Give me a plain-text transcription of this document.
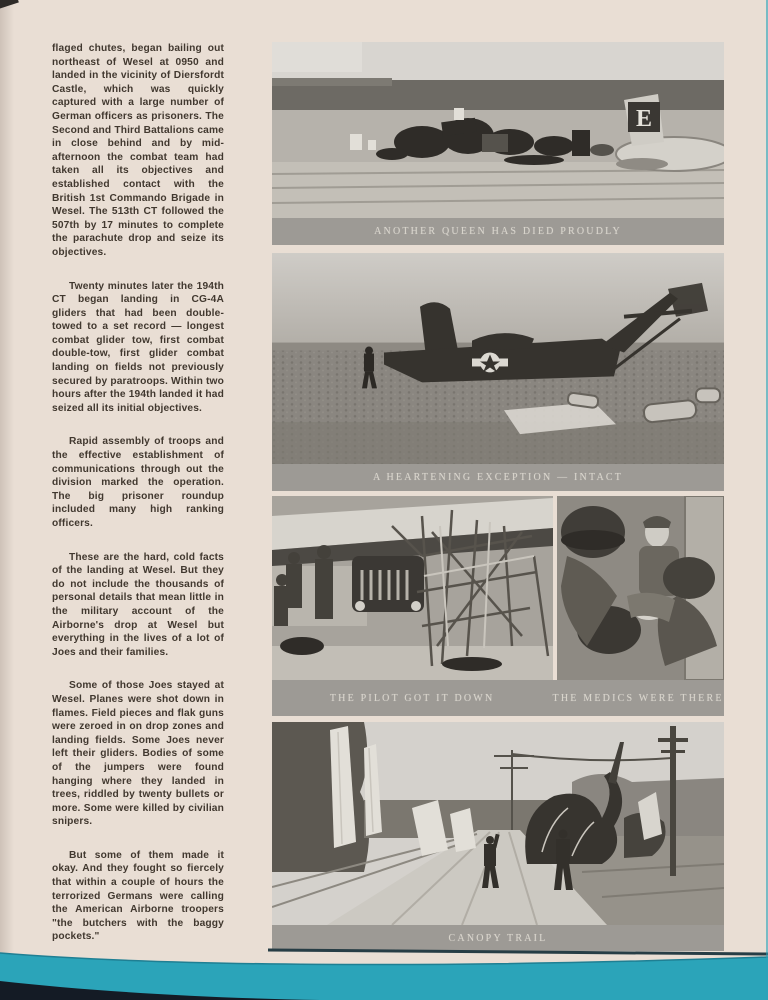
flaged chutes, began bailing out northeast of Wesel at 0950 and landed in the vicinity of Diersfordt Castle, which was quickly captured with a large number of German officers as prisoners. The Second and Third Battalions came in close behind and by mid-afternoon the combat team had taken all its objectives and established contact with the British 1st Commando Brigade in Wesel. The 513th CT followed the 507th by 17 minutes to complete the parachute drop and seize its objectives.

Twenty minutes later the 194th CT began landing in CG-4A gliders that had been double-towed to a set record — longest combat glider tow, first combat double-tow, first glider combat landing on fields not previously secured by paratroops. Within two hours after the 194th landed it had seized all its initial objectives.

Rapid assembly of troops and the effective establishment of communications through out the division marked the operation. The big prisoner roundup included many high ranking officers.

These are the hard, cold facts of the landing at Wesel. But they do not include the thousands of personal details that mean little in the military account of the Airborne's drop at Wesel but everything in the lives of a lot of Joes and their families.

Some of those Joes stayed at Wesel. Planes were shot down in flames. Field pieces and flak guns were zeroed in on drop zones and landing fields. Some Joes never left their gliders. Bodies of some of the jumpers were found hanging where they landed in trees, riddled by twenty bullets or more. Some were killed by civilian snipers.

But some of them made it okay. And they fought so fiercely that within a couple of hours the terrorized Germans were calling the American Airborne troopers "the butchers with the baggy pockets."

E
ANOTHER QUEEN HAS DIED PROUDLY
A HEARTENING EXCEPTION — INTACT
THE PILOT GOT IT DOWN	THE MEDICS WERE THERE
CANOPY TRAIL
